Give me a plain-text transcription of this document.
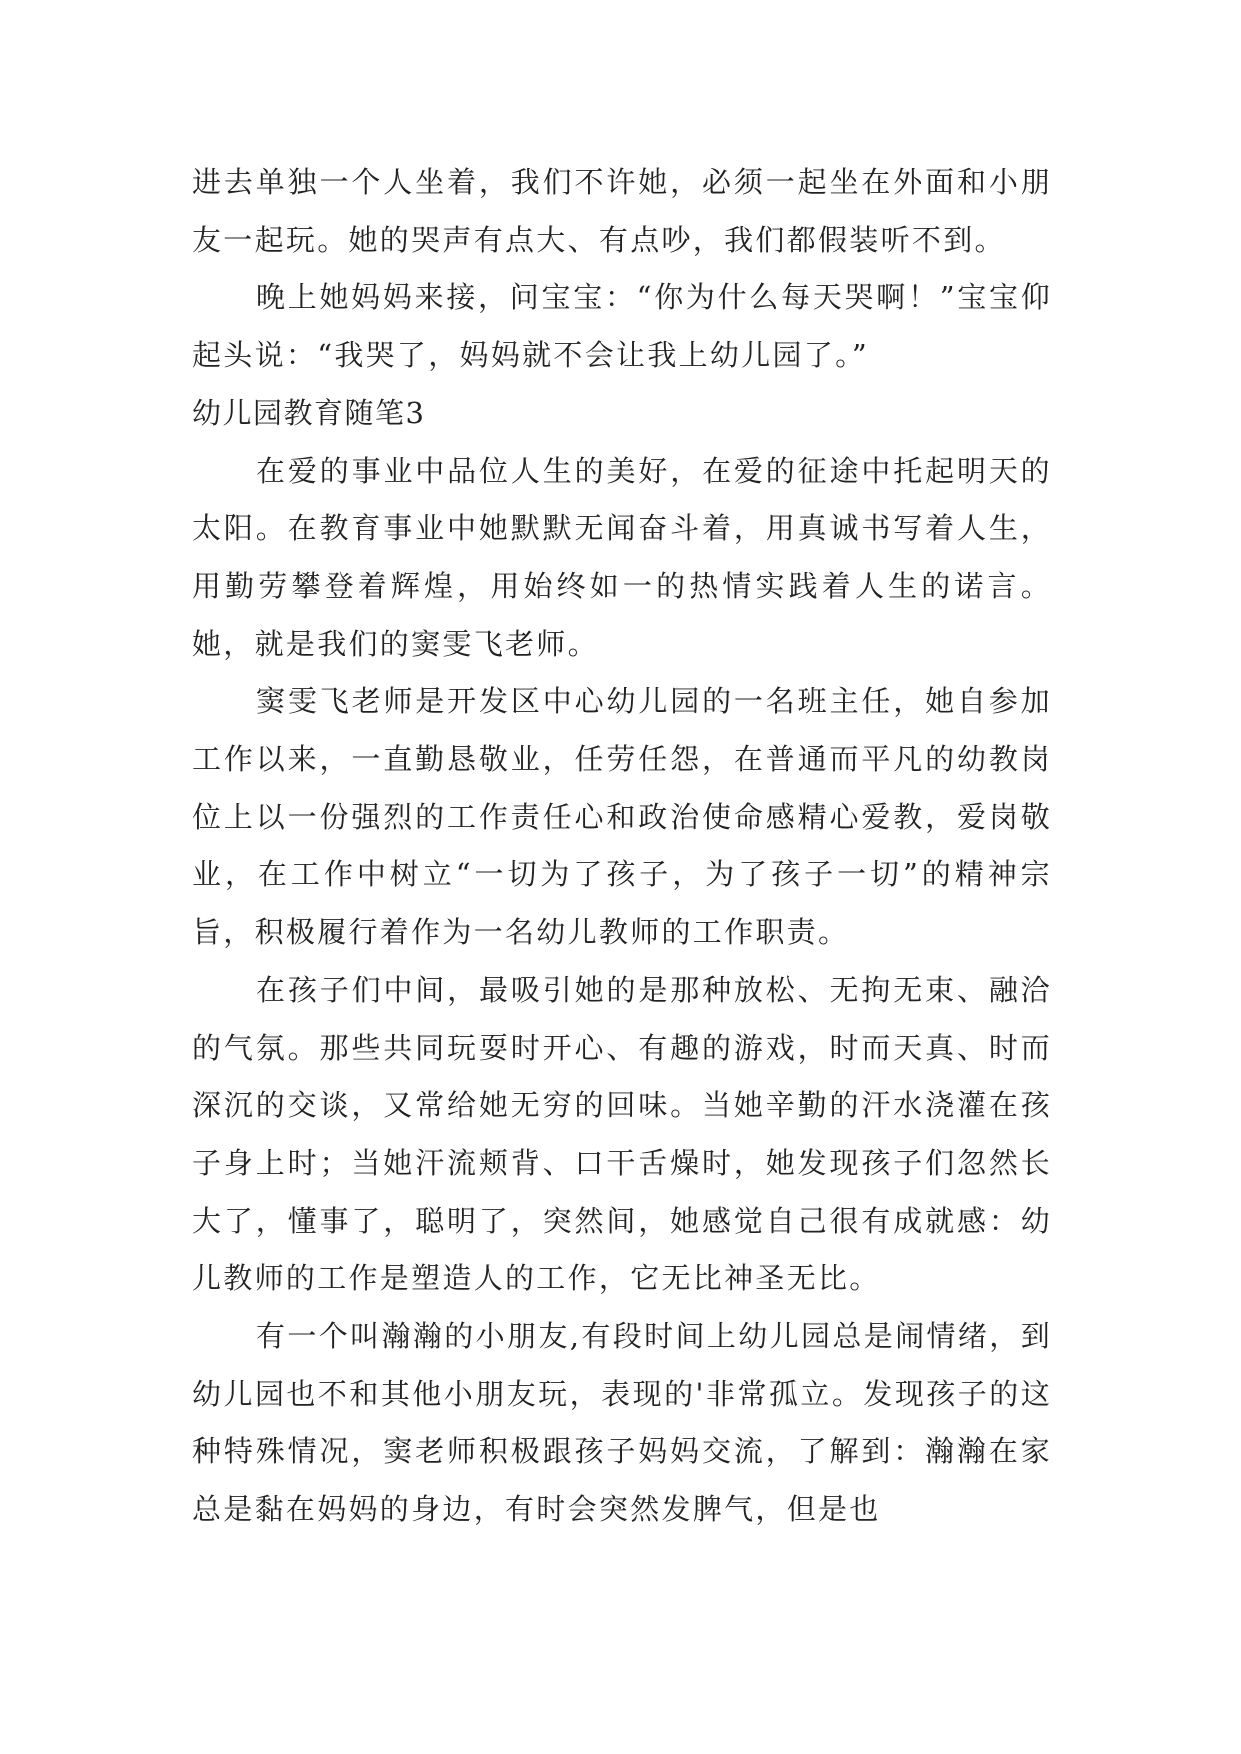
进去单独一个人坐着，我们不许她，必须一起坐在外面和小朋友一起玩。她的哭声有点大、有点吵，我们都假装听不到。

晚上她妈妈来接，问宝宝：“你为什么每天哭啊！”宝宝仰起头说：“我哭了，妈妈就不会让我上幼儿园了。”

幼儿园教育随笔3

在爱的事业中品位人生的美好，在爱的征途中托起明天的太阳。在教育事业中她默默无闻奋斗着，用真诚书写着人生，用勤劳攀登着辉煌，用始终如一的热情实践着人生的诺言。她，就是我们的窦雯飞老师。

窦雯飞老师是开发区中心幼儿园的一名班主任，她自参加工作以来，一直勤恳敬业，任劳任怨，在普通而平凡的幼教岗位上以一份强烈的工作责任心和政治使命感精心爱教，爱岗敬业，在工作中树立“一切为了孩子，为了孩子一切”的精神宗旨，积极履行着作为一名幼儿教师的工作职责。

在孩子们中间，最吸引她的是那种放松、无拘无束、融洽的气氛。那些共同玩耍时开心、有趣的游戏，时而天真、时而深沉的交谈，又常给她无穷的回味。当她辛勤的汗水浇灌在孩子身上时；当她汗流颊背、口干舌燥时，她发现孩子们忽然长大了，懂事了，聪明了，突然间，她感觉自己很有成就感：幼儿教师的工作是塑造人的工作，它无比神圣无比。

有一个叫瀚瀚的小朋友,有段时间上幼儿园总是闹情绪，到幼儿园也不和其他小朋友玩，表现的'非常孤立。发现孩子的这种特殊情况，窦老师积极跟孩子妈妈交流，了解到：瀚瀚在家总是黏在妈妈的身边，有时会突然发脾气，但是也
